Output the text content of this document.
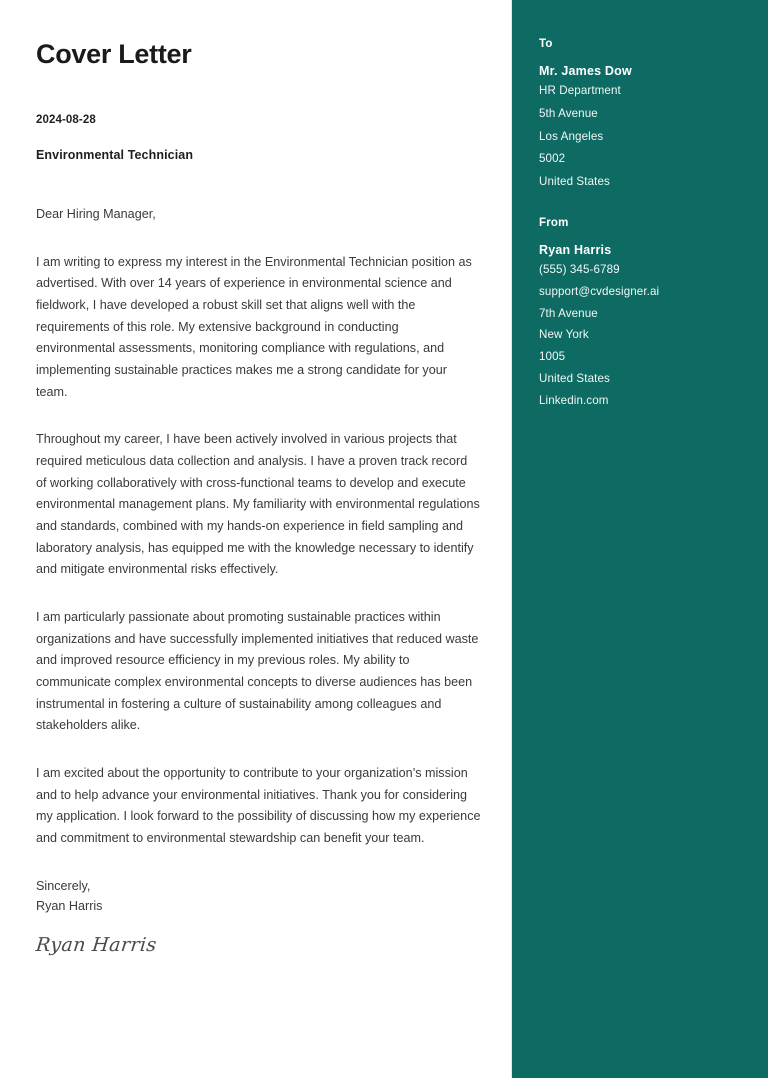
Cover Letter
2024-08-28
Environmental Technician
Dear Hiring Manager,

I am writing to express my interest in the Environmental Technician position as advertised. With over 14 years of experience in environmental science and fieldwork, I have developed a robust skill set that aligns well with the requirements of this role. My extensive background in conducting environmental assessments, monitoring compliance with regulations, and implementing sustainable practices makes me a strong candidate for your team.

Throughout my career, I have been actively involved in various projects that required meticulous data collection and analysis. I have a proven track record of working collaboratively with cross-functional teams to develop and execute environmental management plans. My familiarity with environmental regulations and standards, combined with my hands-on experience in field sampling and laboratory analysis, has equipped me with the knowledge necessary to identify and mitigate environmental risks effectively.

I am particularly passionate about promoting sustainable practices within organizations and have successfully implemented initiatives that reduced waste and improved resource efficiency in my previous roles. My ability to communicate complex environmental concepts to diverse audiences has been instrumental in fostering a culture of sustainability among colleagues and stakeholders alike.

I am excited about the opportunity to contribute to your organization’s mission and to help advance your environmental initiatives. Thank you for considering my application. I look forward to the possibility of discussing how my experience and commitment to environmental stewardship can benefit your team.

Sincerely,
Ryan Harris
Ryan Harris
To
Mr. James Dow
HR Department
5th Avenue
Los Angeles
5002
United States
From
Ryan Harris
(555) 345-6789
support@cvdesigner.ai
7th Avenue
New York
1005
United States
Linkedin.com
